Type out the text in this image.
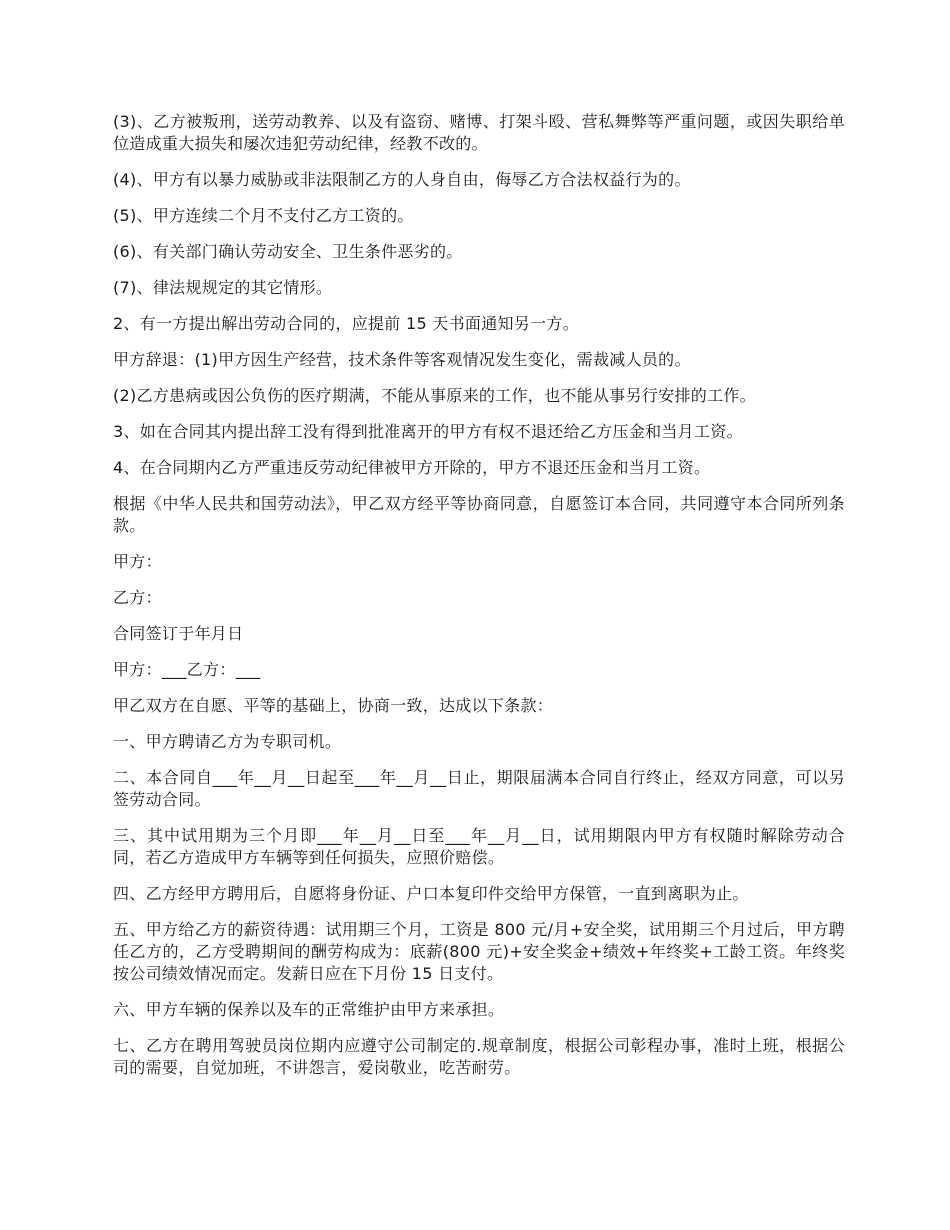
(3)、乙方被叛刑，送劳动教养、以及有盗窃、赌博、打架斗殴、营私舞弊等严重问题，或因失职给单位造成重大损失和屡次违犯劳动纪律，经教不改的。

(4)、甲方有以暴力威胁或非法限制乙方的人身自由，侮辱乙方合法权益行为的。

(5)、甲方连续二个月不支付乙方工资的。

(6)、有关部门确认劳动安全、卫生条件恶劣的。

(7)、律法规规定的其它情形。

2、有一方提出解出劳动合同的，应提前 15 天书面通知另一方。

甲方辞退：(1)甲方因生产经营，技术条件等客观情况发生变化，需裁减人员的。

(2)乙方患病或因公负伤的医疗期满，不能从事原来的工作，也不能从事另行安排的工作。

3、如在合同其内提出辞工没有得到批准离开的甲方有权不退还给乙方压金和当月工资。

4、在合同期内乙方严重违反劳动纪律被甲方开除的，甲方不退还压金和当月工资。

根据《中华人民共和国劳动法》，甲乙双方经平等协商同意，自愿签订本合同，共同遵守本合同所列条款。

甲方：

乙方：

合同签订于年月日

甲方：___乙方：___

甲乙双方在自愿、平等的基础上，协商一致，达成以下条款：

一、甲方聘请乙方为专职司机。

二、本合同自___年__月__日起至___年__月__日止，期限届满本合同自行终止，经双方同意，可以另签劳动合同。

三、其中试用期为三个月即___年__月__日至___年__月__日，试用期限内甲方有权随时解除劳动合同，若乙方造成甲方车辆等到任何损失，应照价赔偿。

四、乙方经甲方聘用后，自愿将身份证、户口本复印件交给甲方保管，一直到离职为止。

五、甲方给乙方的薪资待遇：试用期三个月，工资是 800 元/月+安全奖，试用期三个月过后，甲方聘任乙方的，乙方受聘期间的酬劳构成为：底薪(800 元)+安全奖金+绩效+年终奖+工龄工资。年终奖按公司绩效情况而定。发薪日应在下月份 15 日支付。

六、甲方车辆的保养以及车的正常维护由甲方来承担。

七、乙方在聘用驾驶员岗位期内应遵守公司制定的.规章制度，根据公司彰程办事，准时上班，根据公司的需要，自觉加班，不讲怨言，爱岗敬业，吃苦耐劳。
